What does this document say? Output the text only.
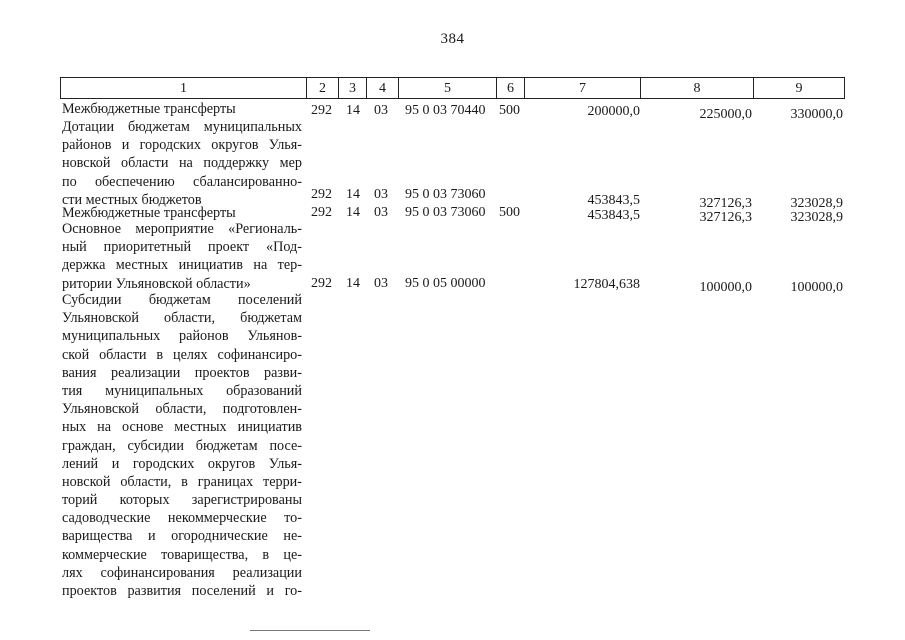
384
1	2	3	4	5	6	7	8	9
Межбюджетные трансферты	292 14 03 95 0 03 70440 500	200000,0	225000,0	330000,0
Дотации бюджетам муниципальных
районов и городских округов Улья-
новской области на поддержку мер
по обеспечению сбалансированно-
сти местных бюджетов	292 14 03 95 0 03 73060	453843,5	327126,3	323028,9
Межбюджетные трансферты	292 14 03 95 0 03 73060 500	453843,5	327126,3	323028,9
Основное мероприятие «Региональ-
ный приоритетный проект «Под-
держка местных инициатив на тер-
ритории Ульяновской области»	292 14 03 95 0 05 00000	127804,638	100000,0	100000,0
Субсидии бюджетам поселений
Ульяновской области, бюджетам
муниципальных районов Ульянов-
ской области в целях софинансиро-
вания реализации проектов разви-
тия муниципальных образований
Ульяновской области, подготовлен-
ных на основе местных инициатив
граждан, субсидии бюджетам посе-
лений и городских округов Улья-
новской области, в границах терри-
торий которых зарегистрированы
садоводческие некоммерческие то-
варищества и огороднические не-
коммерческие товарищества, в це-
лях софинансирования реализации
проектов развития поселений и го-
